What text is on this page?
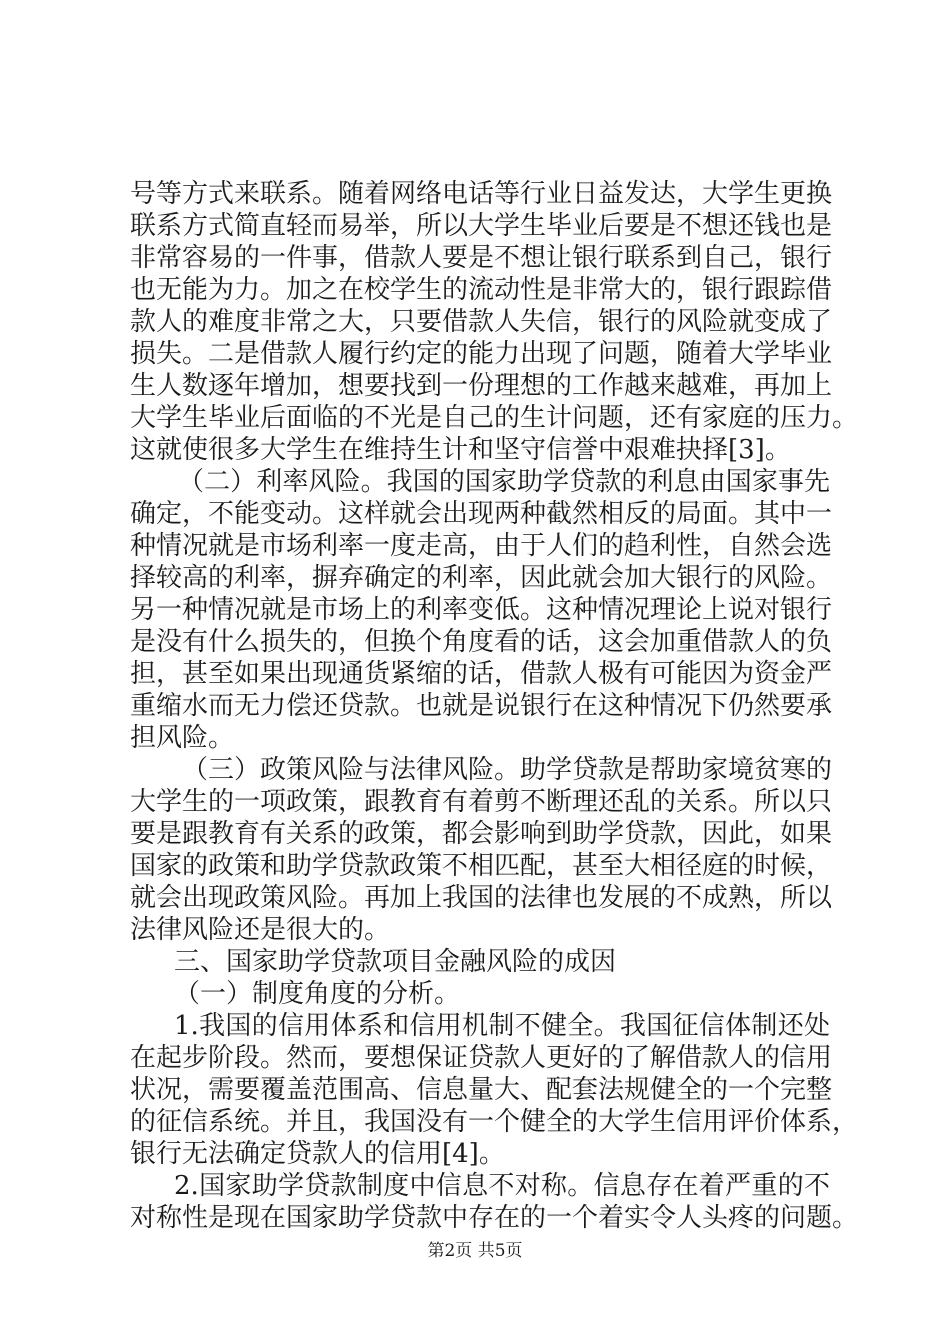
号等方式来联系。随着网络电话等行业日益发达，大学生更换
联系方式简直轻而易举，所以大学生毕业后要是不想还钱也是
非常容易的一件事，借款人要是不想让银行联系到自己，银行
也无能为力。加之在校学生的流动性是非常大的，银行跟踪借
款人的难度非常之大，只要借款人失信，银行的风险就变成了
损失。二是借款人履行约定的能力出现了问题，随着大学毕业
生人数逐年增加，想要找到一份理想的工作越来越难，再加上
大学生毕业后面临的不光是自己的生计问题，还有家庭的压力。
这就使很多大学生在维持生计和坚守信誉中艰难抉择[3]。
（二）利率风险。我国的国家助学贷款的利息由国家事先
确定，不能变动。这样就会出现两种截然相反的局面。其中一
种情况就是市场利率一度走高，由于人们的趋利性，自然会选
择较高的利率，摒弃确定的利率，因此就会加大银行的风险。
另一种情况就是市场上的利率变低。这种情况理论上说对银行
是没有什么损失的，但换个角度看的话，这会加重借款人的负
担，甚至如果出现通货紧缩的话，借款人极有可能因为资金严
重缩水而无力偿还贷款。也就是说银行在这种情况下仍然要承
担风险。
（三）政策风险与法律风险。助学贷款是帮助家境贫寒的
大学生的一项政策，跟教育有着剪不断理还乱的关系。所以只
要是跟教育有关系的政策，都会影响到助学贷款，因此，如果
国家的政策和助学贷款政策不相匹配，甚至大相径庭的时候，
就会出现政策风险。再加上我国的法律也发展的不成熟，所以
法律风险还是很大的。
三、国家助学贷款项目金融风险的成因
（一）制度角度的分析。
1.我国的信用体系和信用机制不健全。我国征信体制还处
在起步阶段。然而，要想保证贷款人更好的了解借款人的信用
状况，需要覆盖范围高、信息量大、配套法规健全的一个完整
的征信系统。并且，我国没有一个健全的大学生信用评价体系，
银行无法确定贷款人的信用[4]。
2.国家助学贷款制度中信息不对称。信息存在着严重的不
对称性是现在国家助学贷款中存在的一个着实令人头疼的问题。
第2页 共5页
